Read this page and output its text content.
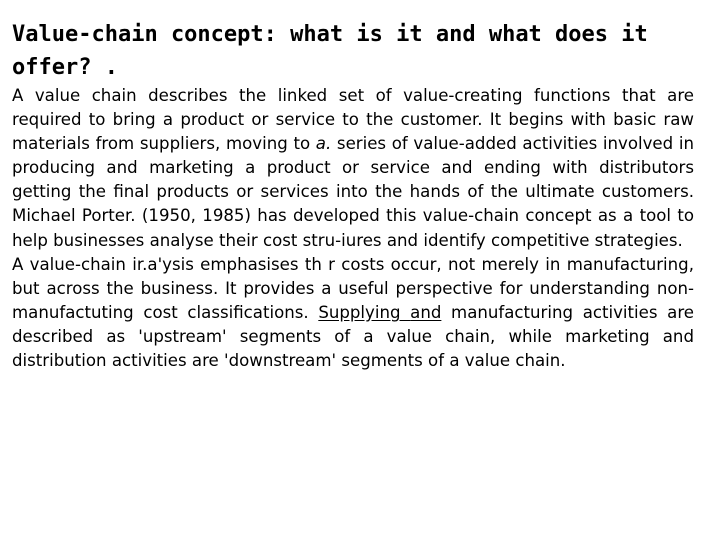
Value-chain concept: what is it and what does it offer? .

A value chain describes the linked set of value-creating functions that are required to bring a product or service to the customer. It begins with basic raw materials from suppliers, moving to a. series of value-added activities involved in producing and marketing a product or service and ending with distributors getting the final products or services into the hands of the ultimate customers. Michael Porter. (1950, 1985) has developed this value-chain concept as a tool to help businesses analyse their cost stru-iures and identify competitive strategies.

A value-chain ir.a'ysis emphasises th r costs occur, not merely in manufacturing, but across the business. It provides a useful perspective for understanding non-manufactuting cost classifications. Supplying and manufacturing activities are described as 'upstream' segments of a value chain, while marketing and distribution activities are 'downstream' segments of a value chain.
